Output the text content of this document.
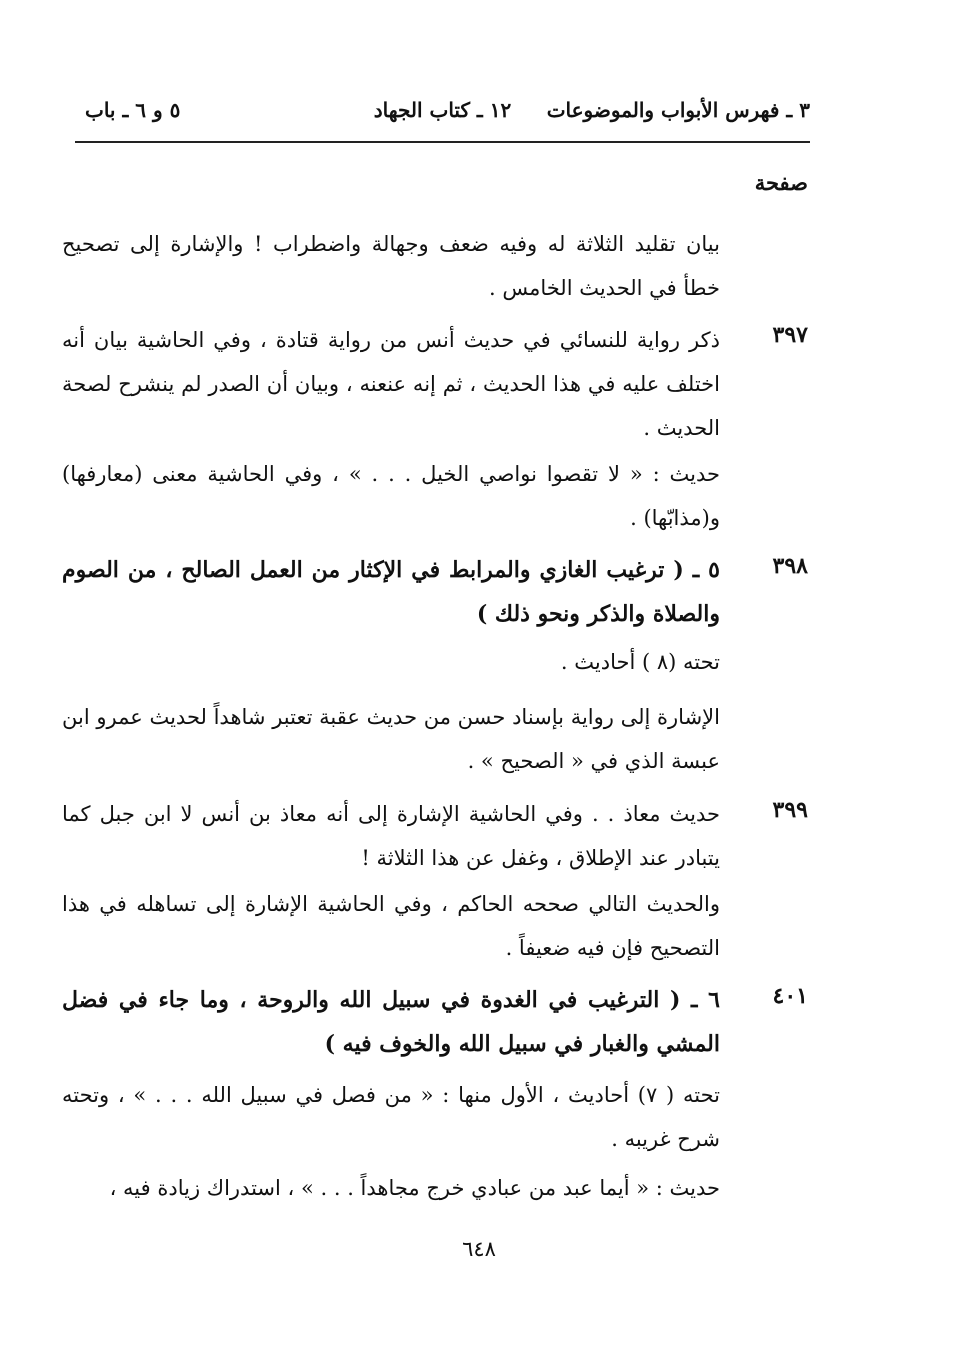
٣ ـ فهرس الأبواب والموضوعات
١٢ ـ كتاب الجهاد
٥ و ٦ ـ باب
صفحة
بيان تقليد الثلاثة له وفيه ضعف وجهالة واضطراب ! والإشارة إلى تصحيح خطأ في الحديث الخامس .
٣٩٧
ذكر رواية للنسائي في حديث أنس من رواية قتادة ، وفي الحاشية بيان أنه اختلف عليه في هذا الحديث ، ثم إنه عنعنه ، وبيان أن الصدر لم ينشرح لصحة الحديث .
حديث : « لا تقصوا نواصي الخيل . . . » ، وفي الحاشية معنى (معارفها) و(مذابّها) .
٣٩٨
٥ ـ ( ترغيب الغازي والمرابط في الإكثار من العمل الصالح ، من الصوم والصلاة والذكر ونحو ذلك )
تحته (٨ ) أحاديث .
الإشارة إلى رواية بإسناد حسن من حديث عقبة تعتبر شاهداً لحديث عمرو ابن عبسة الذي في « الصحيح » .
٣٩٩
حديث معاذ . . وفي الحاشية الإشارة إلى أنه معاذ بن أنس لا ابن جبل كما يتبادر عند الإطلاق ، وغفل عن هذا الثلاثة !
والحديث التالي صححه الحاكم ، وفي الحاشية الإشارة إلى تساهله في هذا التصحيح فإن فيه ضعيفاً .
٤٠١
٦ ـ ( الترغيب في الغدوة في سبيل الله والروحة ، وما جاء في فضل المشي والغبار في سبيل الله والخوف فيه )
تحته ( ٧) أحاديث ، الأول منها : « من فصل في سبيل الله . . . » ، وتحته شرح غريبه .
حديث : « أيما عبد من عبادي خرج مجاهداً . . . » ، استدراك زيادة فيه ،
٦٤٨
